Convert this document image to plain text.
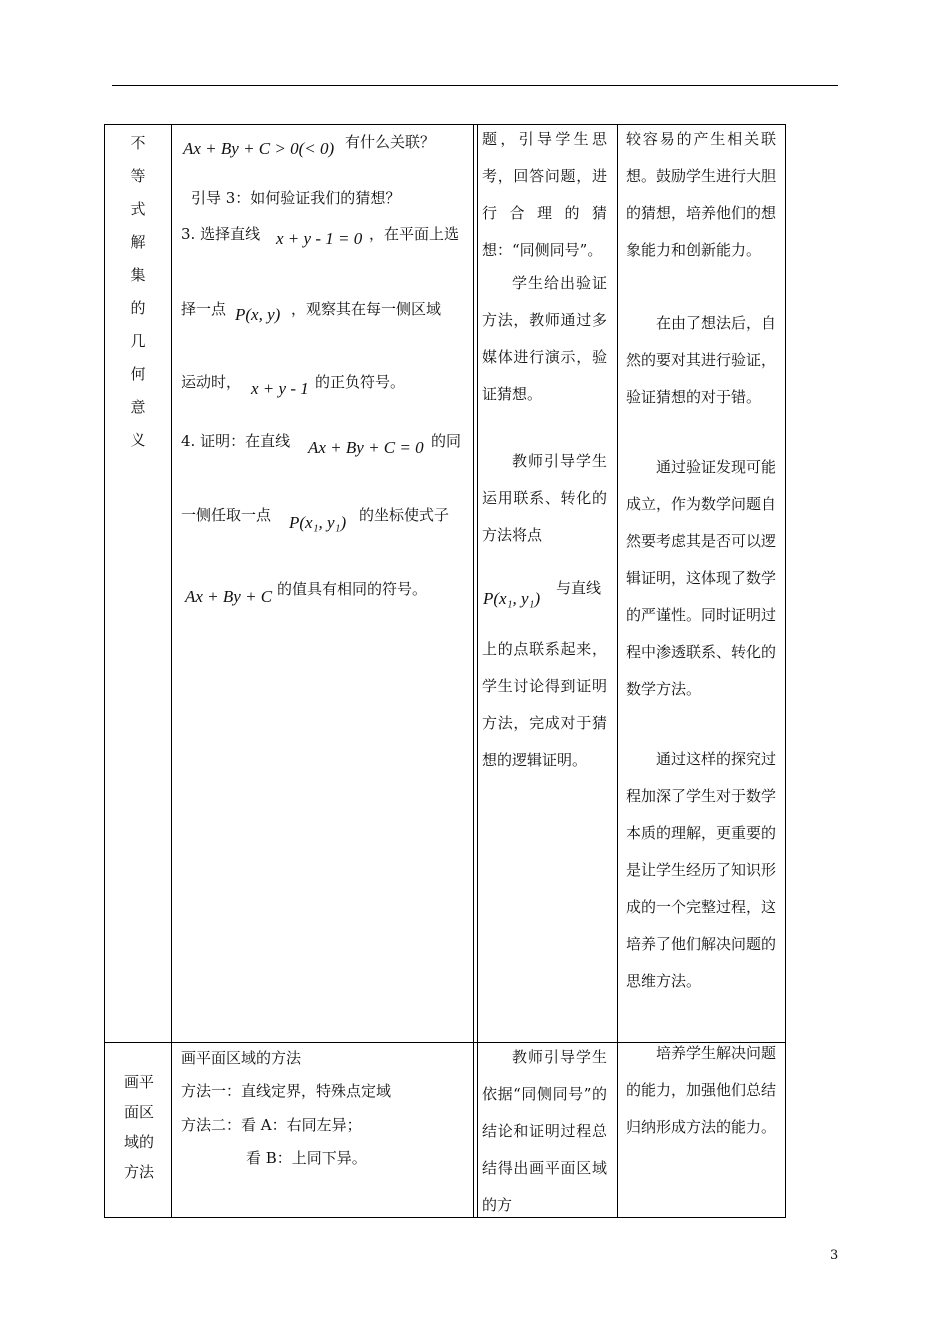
不
等
式
解
集
的
几
何
意
义
Ax + By + C > 0(< 0) 有什么关联？
引导 3：如何验证我们的猜想？
3. 选择直线 x + y - 1 = 0 ，在平面上选
择一点 P(x, y) ，观察其在每一侧区域
运动时， x + y - 1 的正负符号。
4. 证明：在直线 Ax + By + C = 0 的同
一侧任取一点 P(x₁, y₁) 的坐标使式子
Ax + By + C 的值具有相同的符号。
题，引导学生思考，回答问题，进行合理的猜想：“同侧同号”。
学生给出验证方法，教师通过多媒体进行演示，验证猜想。
教师引导学生运用联系、转化的方法将点
P(x₁, y₁)
与直线
上的点联系起来，学生讨论得到证明方法，完成对于猜想的逻辑证明。
较容易的产生相关联想。鼓励学生进行大胆的猜想，培养他们的想象能力和创新能力。
在由了想法后，自然的要对其进行验证，验证猜想的对于错。
通过验证发现可能成立，作为数学问题自然要考虑其是否可以逻辑证明，这体现了数学的严谨性。同时证明过程中渗透联系、转化的数学方法。
通过这样的探究过程加深了学生对于数学本质的理解，更重要的是让学生经历了知识形成的一个完整过程，这培养了他们解决问题的思维方法。
画平面区域的方法
画平面区域的方法
方法一：直线定界，特殊点定域
方法二：看 A：右同左异；
看 B：上同下异。
教师引导学生依据“同侧同号”的结论和证明过程总结得出画平面区域的方
培养学生解决问题的能力，加强他们总结归纳形成方法的能力。
3
